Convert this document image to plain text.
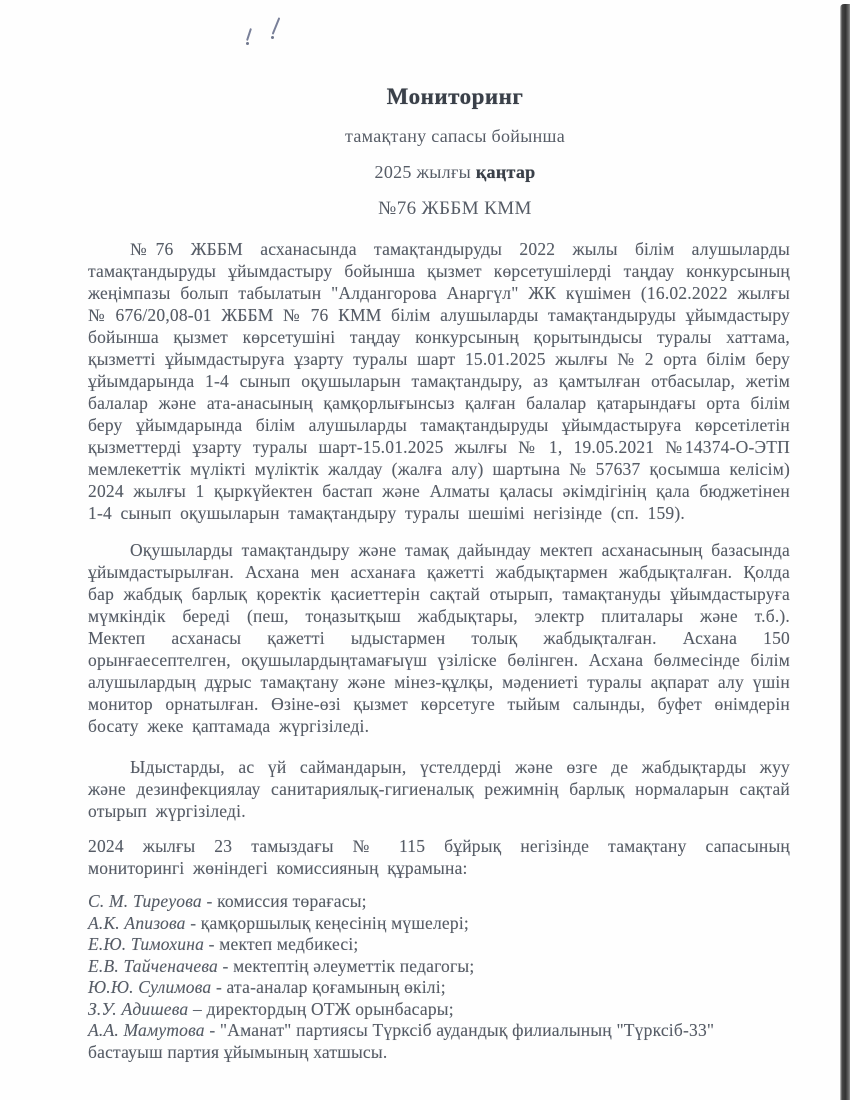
Мониторинг
тамақтану сапасы бойынша
2025 жылғы қаңтар
№76 ЖББМ КММ

№76 ЖББМ асханасында тамақтандыруды 2022 жылы білім алушыларды тамақтандыруды ұйымдастыру бойынша қызмет көрсетушілерді таңдау конкурсының жеңімпазы болып табылатын "Алдангорова Анаргүл" ЖК күшімен (16.02.2022 жылғы № 676/20,08-01 ЖББМ № 76 КММ білім алушыларды тамақтандыруды ұйымдастыру бойынша қызмет көрсетушіні таңдау конкурсының қорытындысы туралы хаттама, қызметті ұйымдастыруға ұзарту туралы шарт 15.01.2025 жылғы № 2 орта білім беру ұйымдарында 1-4 сынып оқушыларын тамақтандыру, аз қамтылған отбасылар, жетім балалар және ата-анасының қамқорлығынсыз қалған балалар қатарындағы орта білім беру ұйымдарында білім алушыларды тамақтандыруды ұйымдастыруға көрсетілетін қызметтерді ұзарту туралы шарт-15.01.2025 жылғы № 1, 19.05.2021 №14374-О-ЭТП мемлекеттік мүлікті мүліктік жалдау (жалға алу) шартына № 57637 қосымша келісім) 2024 жылғы 1 қыркүйектен бастап және Алматы қаласы әкімдігінің қала бюджетінен 1-4 сынып оқушыларын тамақтандыру туралы шешімі негізінде (сп. 159).

Оқушыларды тамақтандыру және тамақ дайындау мектеп асханасының базасында ұйымдастырылған. Асхана мен асханаға қажетті жабдықтармен жабдықталған. Қолда бар жабдық барлық қоректік қасиеттерін сақтай отырып, тамақтануды ұйымдастыруға мүмкіндік береді (пеш, тоңазытқыш жабдықтары, электр плиталары және т.б.). Мектеп асханасы қажетті ыдыстармен толық жабдықталған. Асхана 150 орынғаесептелген, оқушылардыңтамағыүш үзіліске бөлінген. Асхана бөлмесінде білім алушылардың дұрыс тамақтану және мінез-құлқы, мәдениеті туралы ақпарат алу үшін монитор орнатылған. Өзіне-өзі қызмет көрсетуге тыйым салынды, буфет өнімдерін босату жеке қаптамада жүргізіледі.

Ыдыстарды, ас үй саймандарын, үстелдерді және өзге де жабдықтарды жуу және дезинфекциялау санитариялық-гигиеналық режимнің барлық нормаларын сақтай отырып жүргізіледі.

2024 жылғы 23 тамыздағы № 115 бұйрық негізінде тамақтану сапасының мониторингі жөніндегі комиссияның құрамына:

С. М. Тиреуова - комиссия төрағасы;
А.К. Апизова - қамқоршылық кеңесінің мүшелері;
Е.Ю. Тимохина - мектеп медбикесі;
Е.В. Тайченачева - мектептің әлеуметтік педагогы;
Ю.Ю. Сулимова - ата-аналар қоғамының өкілі;
З.У. Адишева – директордың ОТЖ орынбасары;
А.А. Мамутова - "Аманат" партиясы Түрксіб аудандық филиалының "Түрксіб-33" бастауыш партия ұйымының хатшысы.
